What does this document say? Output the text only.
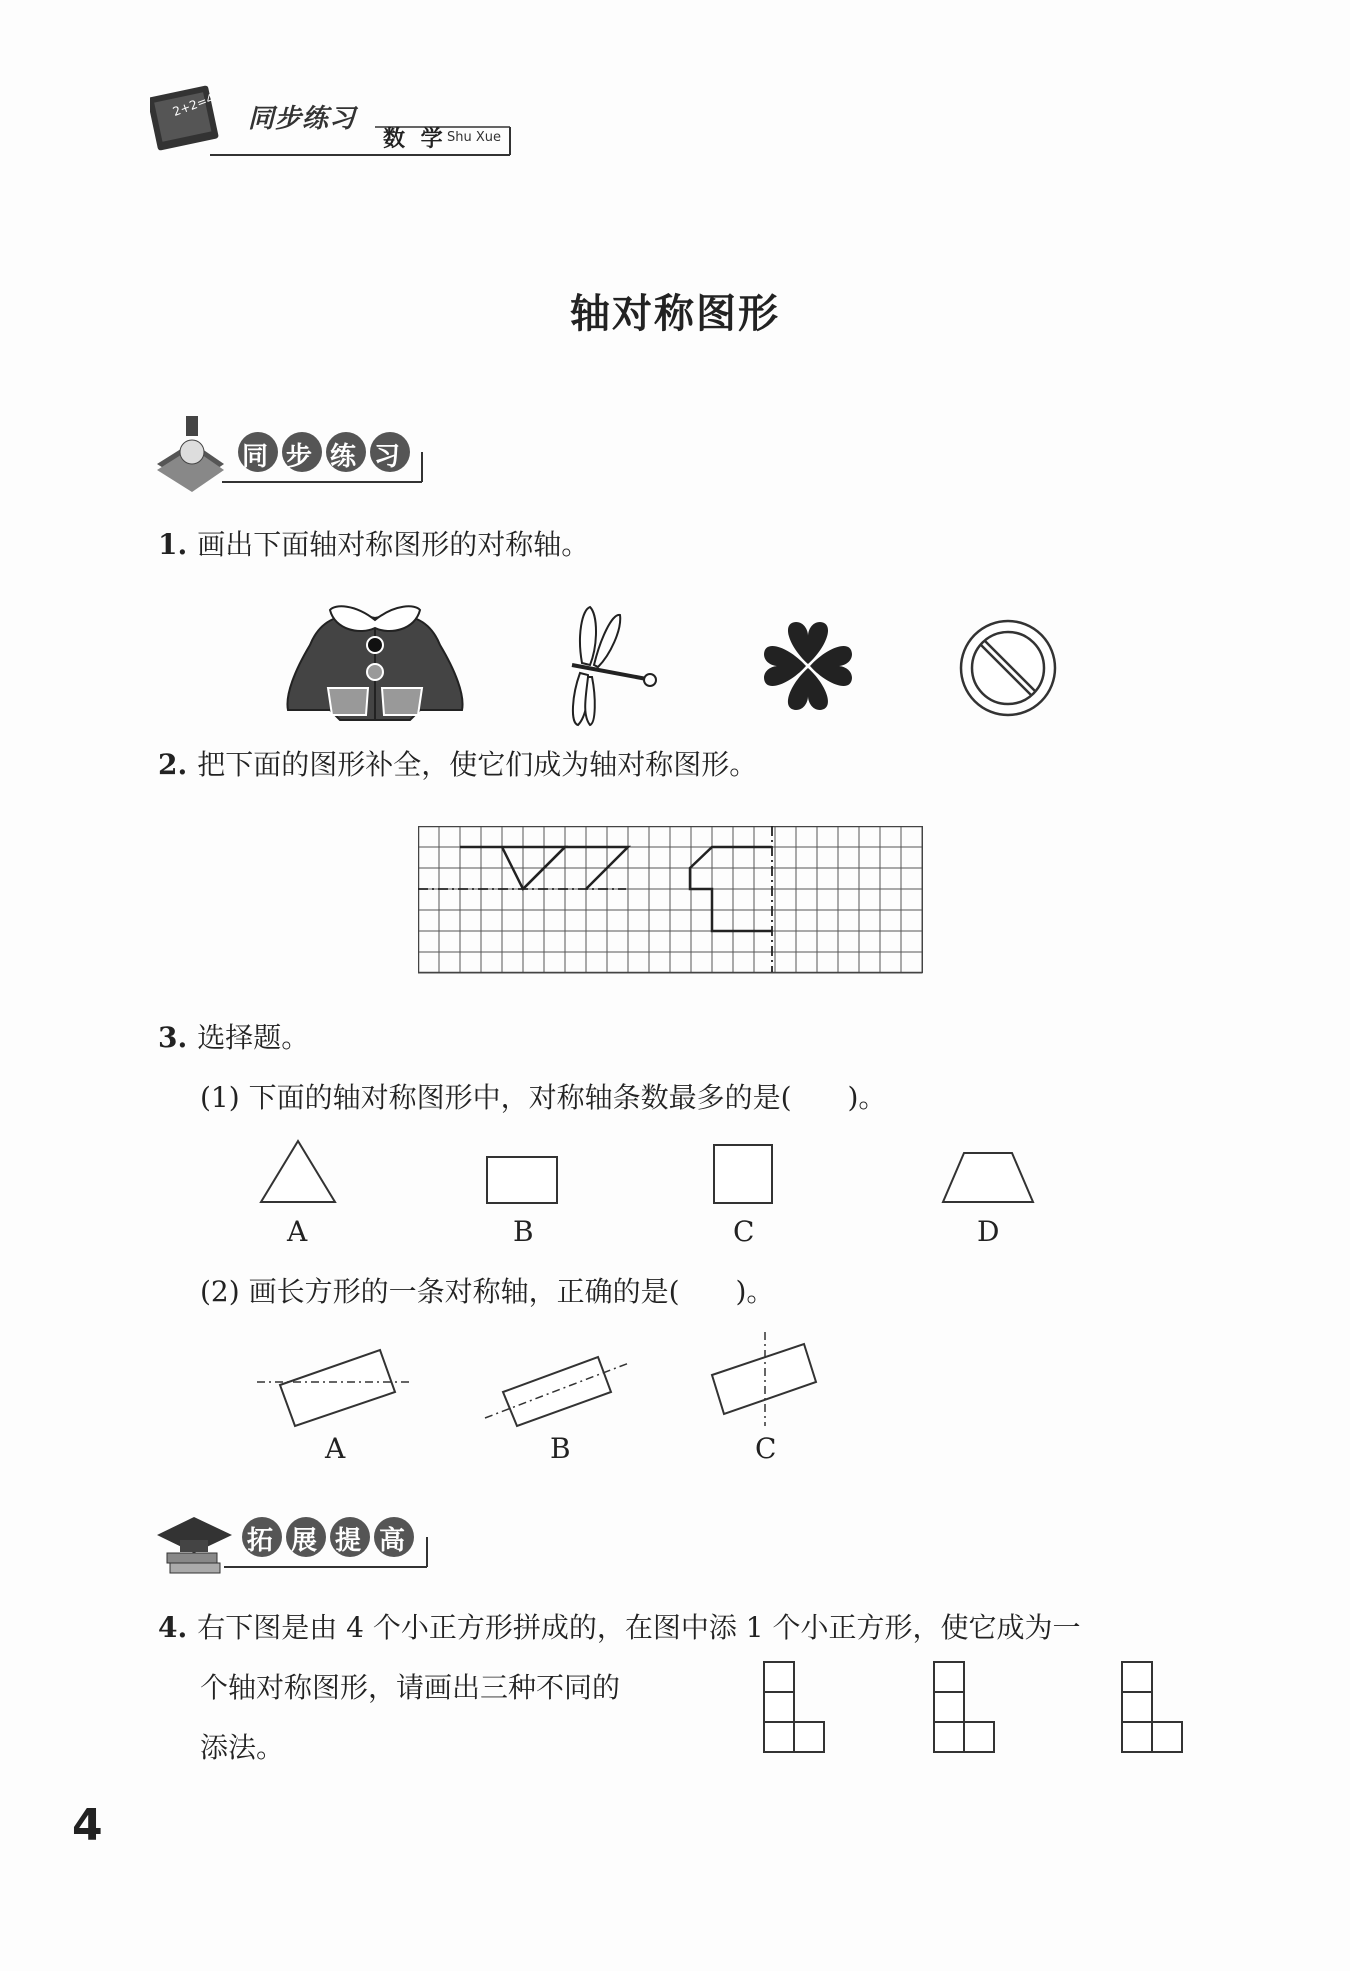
2+2=4 同步练习
数 学 Shu Xue
轴对称图形
同步练习
1. 画出下面轴对称图形的对称轴。
2. 把下面的图形补全，使它们成为轴对称图形。
3. 选择题。
(1) 下面的轴对称图形中，对称轴条数最多的是(　　)。
A	B	C	D
(2) 画长方形的一条对称轴，正确的是(　　)。
A	B	C
拓展提高
4. 右下图是由 4 个小正方形拼成的，在图中添 1 个小正方形，使它成为一
个轴对称图形，请画出三种不同的
添法。
4
